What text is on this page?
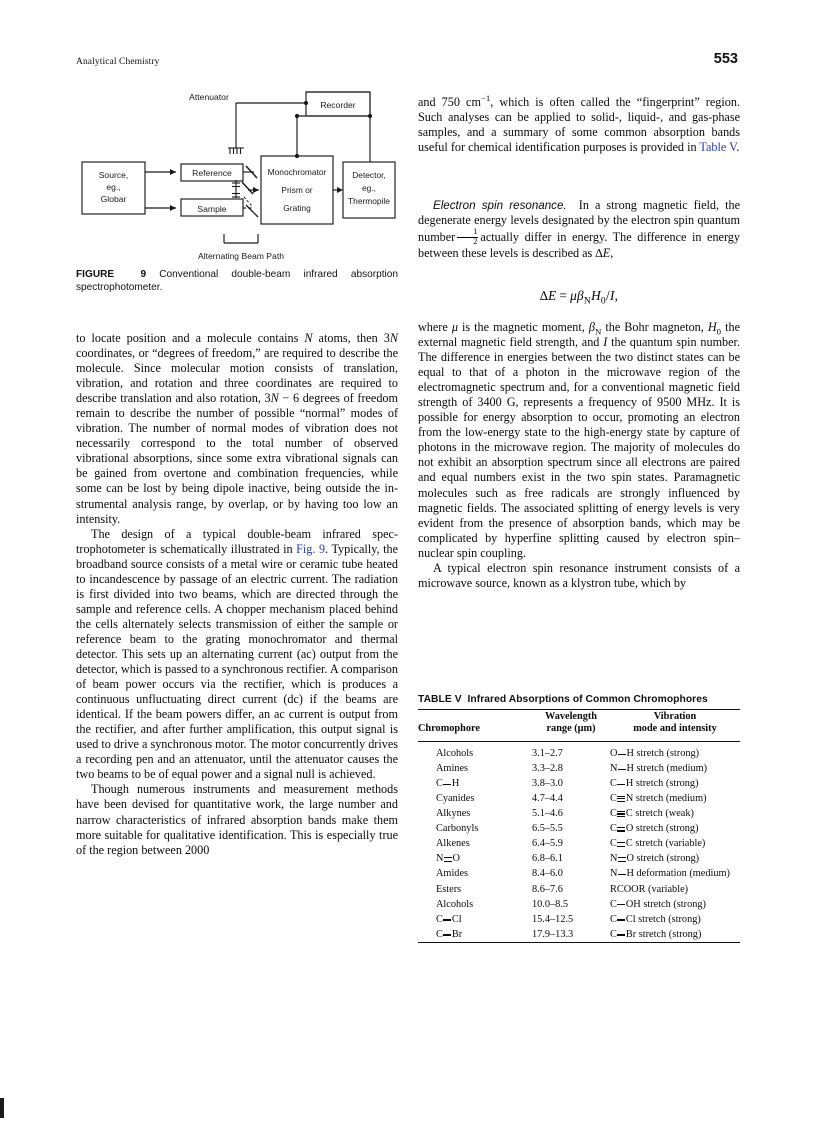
Analytical Chemistry	553
Source,
eg.,
Globar
Reference
Sample
Monochromator
Prism or
Grating
Detector,
eg.,
Thermopile
Recorder
Attenuator
Alternating Beam Path
FIGURE  9 Conventional double-beam infrared absorption spectrophotometer.

to locate position and a molecule contains N atoms, then 3N coordinates, or “degrees of freedom,” are required to describe the molecule. Since molecular motion consists of translation, vibration, and rotation and three coordinates are required to describe translation and also rotation, 3N − 6 degrees of freedom remain to describe the number of possible “normal” modes of vibration. The number of normal modes of vibration does not necessarily correspond to the total number of observed vibrational absorptions, since some extra vibrational signals can be gained from overtone and combination frequencies, while some can be lost by being dipole inactive, being outside the instrumental analysis range, by overlap, or by having too low an intensity.

The design of a typical double-beam infrared spectrophotometer is schematically illustrated in Fig. 9. Typically, the broadband source consists of a metal wire or ceramic tube heated to incandescence by passage of an electric current. The radiation is first divided into two beams, which are directed through the sample and reference cells. A chopper mechanism placed behind the cells alternately selects transmission of either the sample or reference beam to the grating monochromator and thermal detector. This sets up an alternating current (ac) output from the detector, which is passed to a synchronous rectifier. A comparison of beam power occurs via the rectifier, which is produces a continuous unfluctuating direct current (dc) if the beams are identical. If the beam powers differ, an ac current is output from the rectifier, and after further amplification, this output signal is used to drive a synchronous motor. The motor concurrently drives a recording pen and an attenuator, until the attenuator causes the two beams to be of equal power and a signal null is achieved.

Though numerous instruments and measurement methods have been devised for quantitative work, the large number and narrow characteristics of infrared absorption bands make them more suitable for qualitative identification. This is especially true of the region between 2000

and 750 $cm^{-1}$, which is often called the “fingerprint” region. Such analyses can be applied to solid-, liquid-, and gas-phase samples, and a summary of some common absorption bands useful for chemical identification purposes is provided in Table V.

Electron spin resonance.  In a strong magnetic field, the degenerate energy levels designated by the electron spin quantum number $\frac{1}{2}$ actually differ in energy. The difference in energy between these levels is described as ∆E,

$\Delta E = \mu\beta_NH_0/I$,

where μ is the magnetic moment, $\beta_N$ the Bohr magneton, $H_0$ the external magnetic field strength, and I the quantum spin number. The difference in energies between the two distinct states can be equal to that of a photon in the microwave region of the electromagnetic spectrum and, for a conventional magnetic field strength of 3400 G, represents a frequency of 9500 MHz. It is possible for energy absorption to occur, promoting an electron from the low-energy state to the high-energy state by capture of photons in the microwave region. The majority of molecules do not exhibit an absorption spectrum since all electrons are paired and equal numbers exist in the two spin states. Paramagnetic molecules such as free radicals are strongly influenced by magnetic fields. The associated splitting of energy levels is very evident from the presence of absorption bands, which may be complicated by hyperfine splitting caused by electron spin–nuclear spin coupling.

A typical electron spin resonance instrument consists of a microwave source, known as a klystron tube, which by

TABLE V Infrared Absorptions of Common Chromophores
Chromophore

Wavelength
range (μm)

Vibration
mode and intensity

Alcohols	3.1–2.7	O H stretch (strong)
Amines	3.3–2.8	N H stretch (medium)
C H	3.8–3.0	C H stretch (strong)
Cyanides	4.7–4.4	C N stretch (medium)
Alkynes	5.1–4.6	C C stretch (weak)
Carbonyls	6.5–5.5	C O stretch (strong)
Alkenes	6.4–5.9	C C stretch (variable)
N O	6.8–6.1	N O stretch (strong)
Amides	8.4–6.0	N H deformation (medium)
Esters	8.6–7.6	RCOOR (variable)
Alcohols	10.0–8.5	C OH stretch (strong)
C Cl	15.4–12.5	C Cl stretch (strong)
C Br	17.9–13.3	C Br stretch (strong)
